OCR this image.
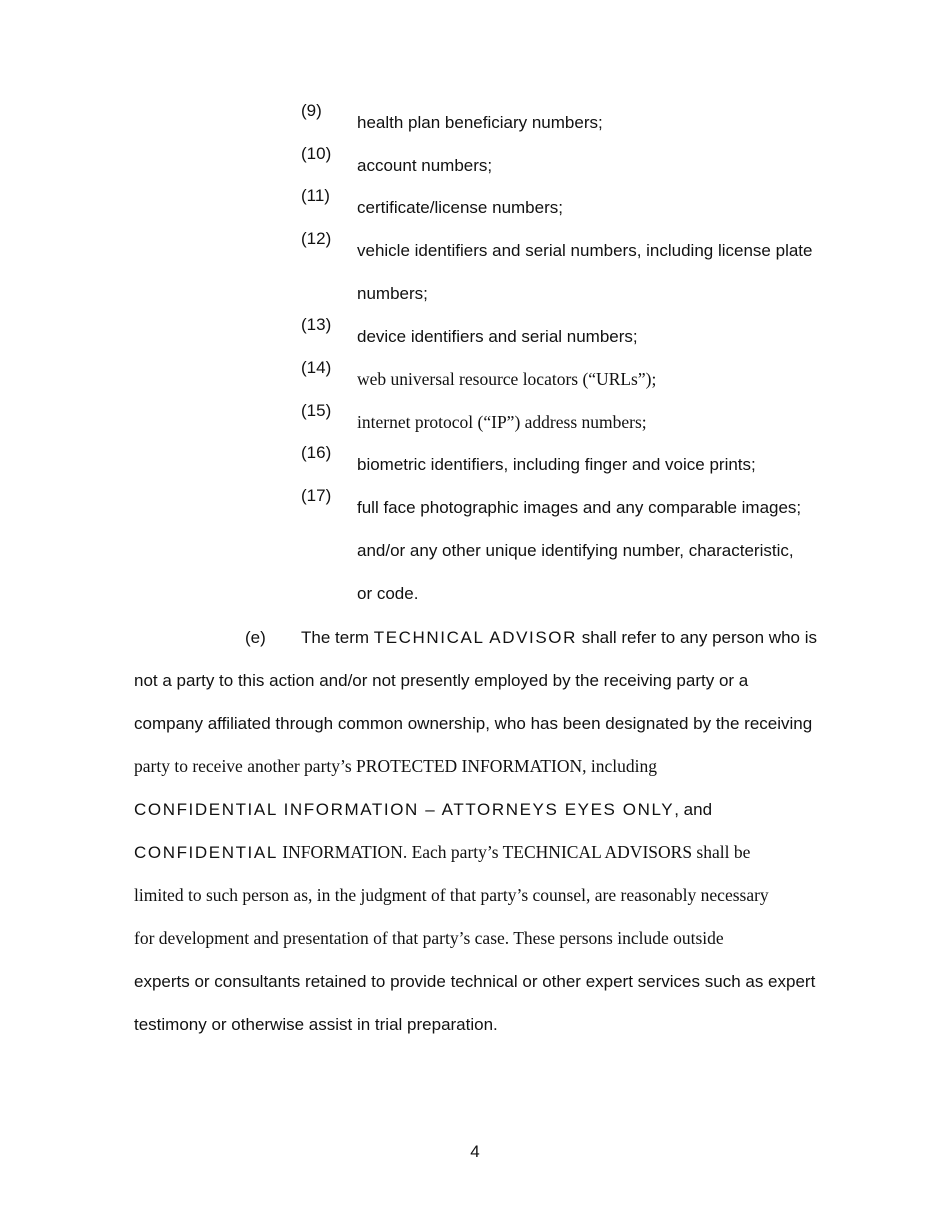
(9)
health plan beneficiary numbers;
(10)
account numbers;
(11)
certificate/license numbers;
(12)
vehicle identifiers and serial numbers, including license plate
numbers;
(13)
device identifiers and serial numbers;
(14)
web universal resource locators (“URLs”);
(15)
internet protocol (“IP”) address numbers;
(16)
biometric identifiers, including finger and voice prints;
(17)
full face photographic images and any comparable images;
and/or any other unique identifying number, characteristic,
or code.
(e)	The term TECHNICAL ADVISOR shall refer to any person who is
not a party to this action and/or not presently employed by the receiving party or a
company affiliated through common ownership, who has been designated by the receiving
party to receive another party’s PROTECTED INFORMATION, including
CONFIDENTIAL INFORMATION – ATTORNEYS EYES ONLY, and
CONFIDENTIAL INFORMATION. Each party’s TECHNICAL ADVISORS shall be
limited to such person as, in the judgment of that party’s counsel, are reasonably necessary
for development and presentation of that party’s case. These persons include outside
experts or consultants retained to provide technical or other expert services such as expert
testimony or otherwise assist in trial preparation.
4
